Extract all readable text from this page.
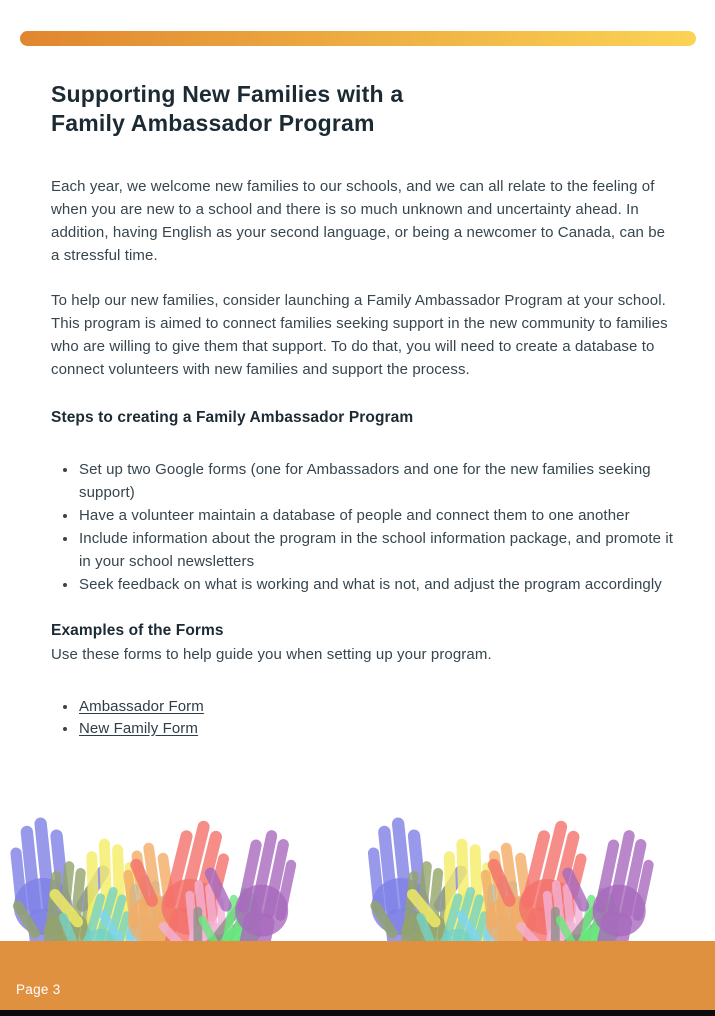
Supporting New Families with a
Family Ambassador Program

Each year, we welcome new families to our schools, and we can all relate to the feeling of when you are new to a school and there is so much unknown and uncertainty ahead. In addition, having English as your second language, or being a newcomer to Canada, can be a stressful time.

To help our new families, consider launching a Family Ambassador Program at your school. This program is aimed to connect families seeking support in the new community to families who are willing to give them that support. To do that, you will need to create a database to connect volunteers with new families and support the process.

Steps to creating a Family Ambassador Program
• Set up two Google forms (one for Ambassadors and one for the new families seeking support)
• Have a volunteer maintain a database of people and connect them to one another
• Include information about the program in the school information package, and promote it in your school newsletters
• Seek feedback on what is working and what is not, and adjust the program accordingly
Examples of the Forms

Use these forms to help guide you when setting up your program.

• Ambassador Form
• New Family Form
Page 3
